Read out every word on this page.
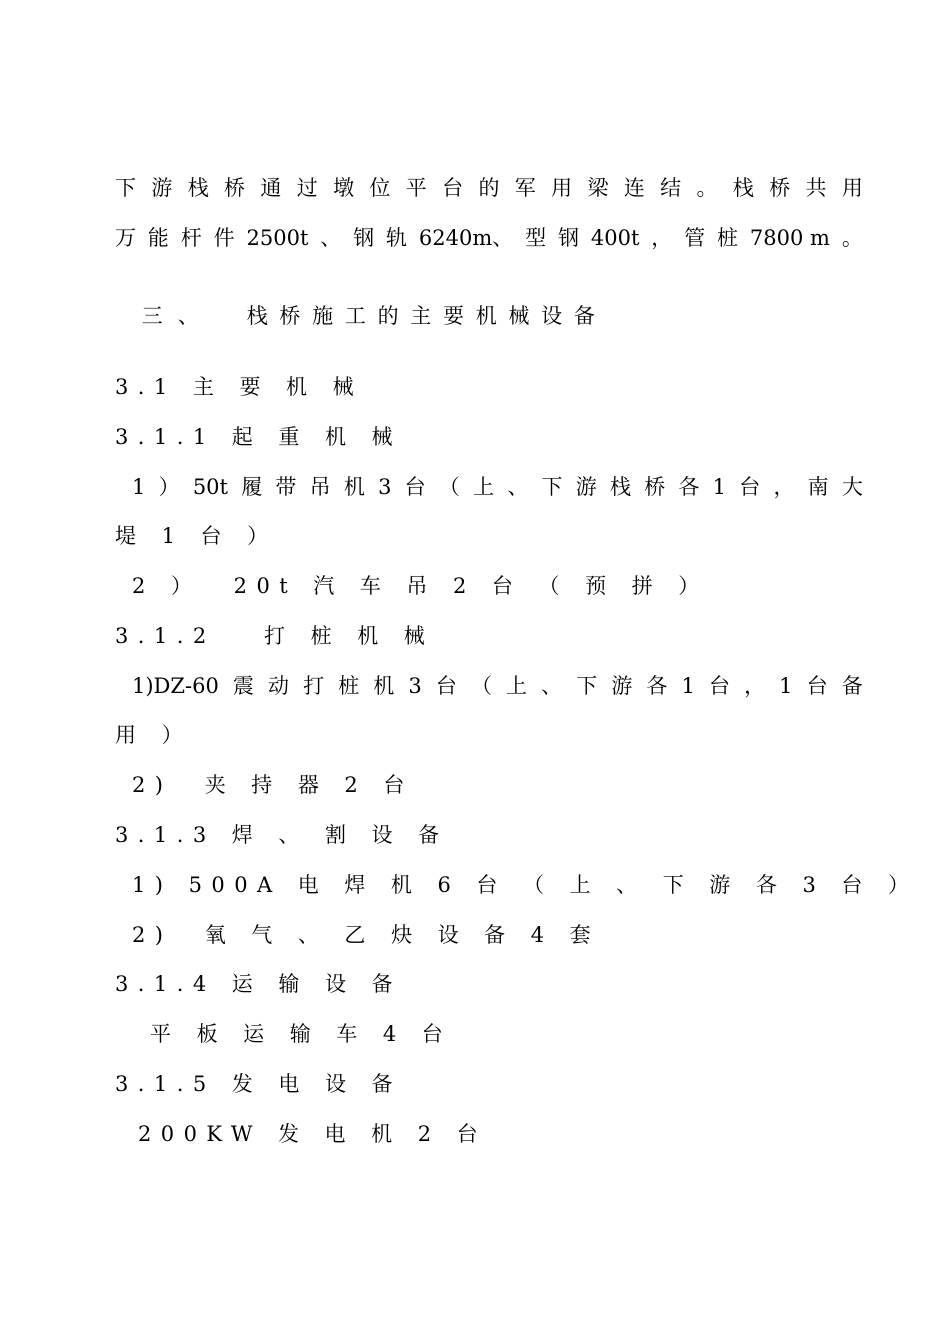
下 游 栈 桥 通 过 墩 位 平 台 的 军 用 梁 连 结 。 栈 桥 共 用
万 能 杆 件 2500t 、 钢 轨 6240m、 型 钢 400t ， 管 桩 7800 m 。

三 、 栈 桥 施 工 的 主 要 机 械 设 备

3.1 主 要 机 械
3.1.1 起 重 机 械
1 ） 50t 履 带 吊 机 3 台 （ 上 、 下 游 栈 桥 各 1 台 ， 南 大
堤 1 台 ）
2 ）  20t 汽 车 吊 2 台 （ 预 拼 ）
3.1.2   打 桩 机 械
1)DZ-60 震 动 打 桩 机 3 台 （ 上 、 下 游 各 1 台 ， 1 台 备
用 ）
2)  夹 持 器 2 台
3.1.3 焊 、 割 设 备
1) 500A 电 焊 机 6 台 （ 上 、 下 游 各 3 台 ）
2)  氧 气 、 乙 炔 设 备 4 套
3.1.4 运 输 设 备
平 板 运 输 车 4 台
3.1.5 发 电 设 备
200KW 发 电 机 2 台
